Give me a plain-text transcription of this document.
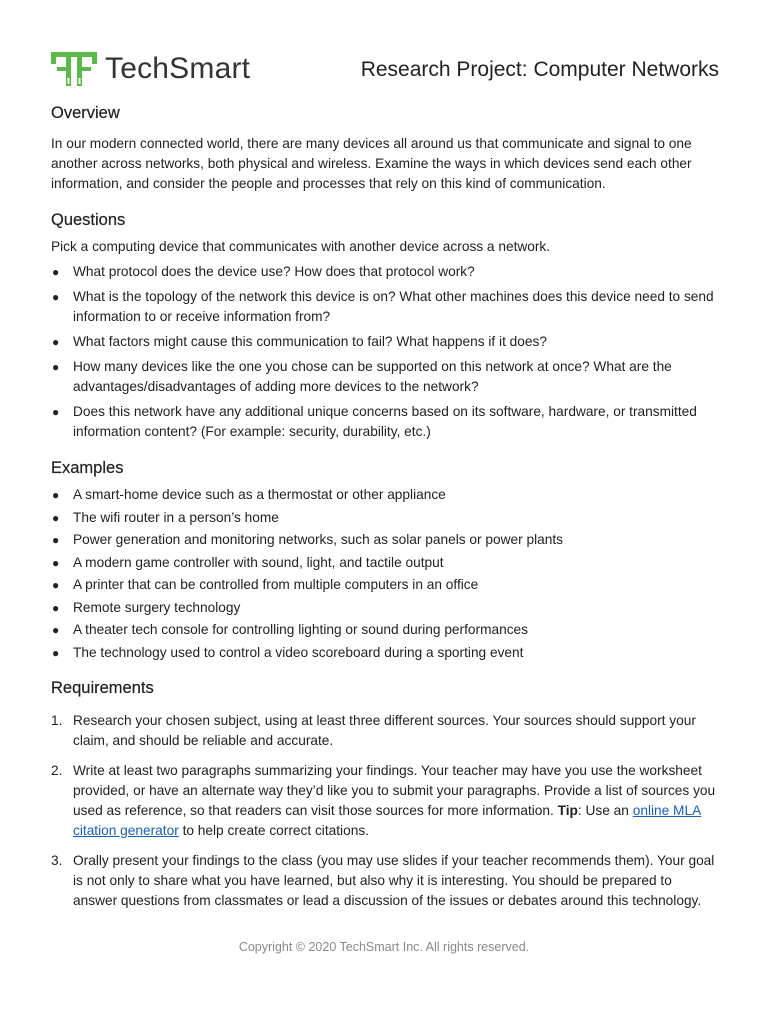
TechSmart	Research Project: Computer Networks
Overview

In our modern connected world, there are many devices all around us that communicate and signal to one another across networks, both physical and wireless. Examine the ways in which devices send each other information, and consider the people and processes that rely on this kind of communication.

Questions

Pick a computing device that communicates with another device across a network.

● What protocol does the device use? How does that protocol work?
● What is the topology of the network this device is on? What other machines does this device need to send information to or receive information from?
● What factors might cause this communication to fail? What happens if it does?
● How many devices like the one you chose can be supported on this network at once? What are the advantages/disadvantages of adding more devices to the network?
● Does this network have any additional unique concerns based on its software, hardware, or transmitted information content? (For example: security, durability, etc.)
Examples
● A smart-home device such as a thermostat or other appliance
● The wifi router in a person’s home
● Power generation and monitoring networks, such as solar panels or power plants
● A modern game controller with sound, light, and tactile output
● A printer that can be controlled from multiple computers in an office
● Remote surgery technology
● A theater tech console for controlling lighting or sound during performances
● The technology used to control a video scoreboard during a sporting event
Requirements
1. Research your chosen subject, using at least three different sources. Your sources should support your claim, and should be reliable and accurate.
2. Write at least two paragraphs summarizing your findings. Your teacher may have you use the worksheet provided, or have an alternate way they’d like you to submit your paragraphs. Provide a list of sources you used as reference, so that readers can visit those sources for more information. Tip: Use an online MLA citation generator to help create correct citations.
3. Orally present your findings to the class (you may use slides if your teacher recommends them). Your goal is not only to share what you have learned, but also why it is interesting. You should be prepared to answer questions from classmates or lead a discussion of the issues or debates around this technology.
Copyright © 2020 TechSmart Inc. All rights reserved.
